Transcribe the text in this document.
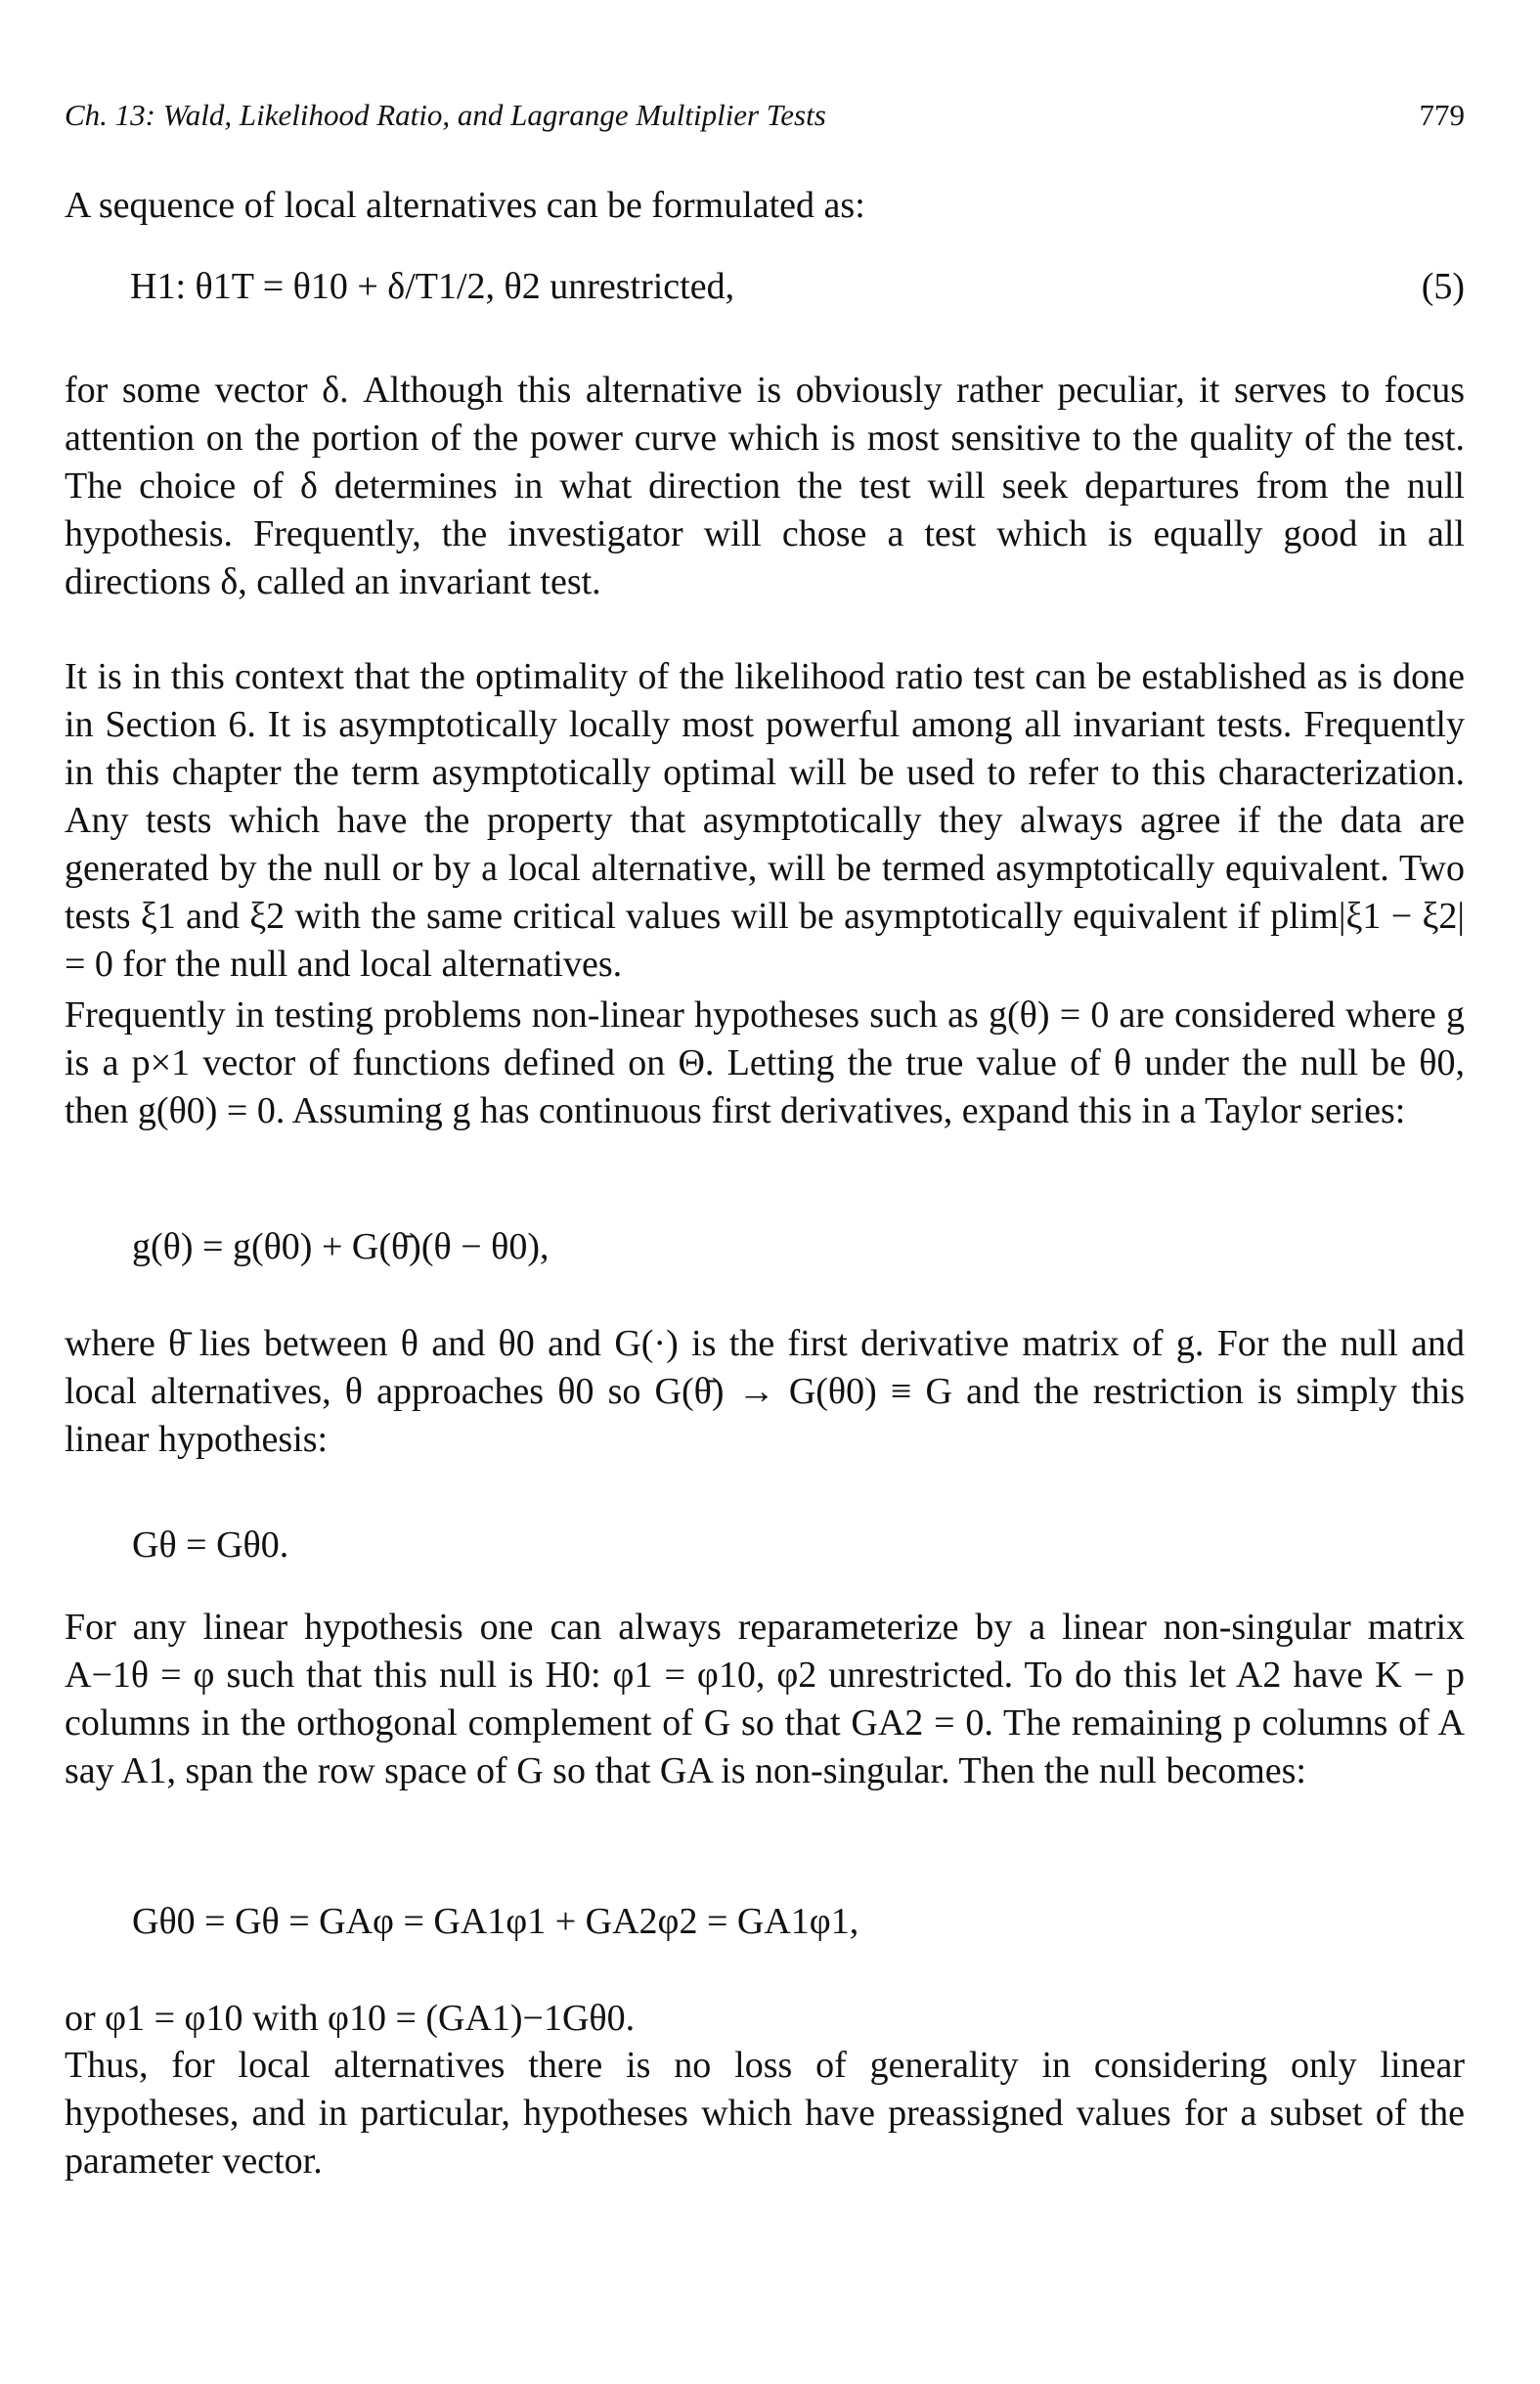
Ch. 13: Wald, Likelihood Ratio, and Lagrange Multiplier Tests	779

A sequence of local alternatives can be formulated as:

H1: θ1T = θ10 + δ/T1/2, θ2 unrestricted,	(5)

for some vector δ. Although this alternative is obviously rather peculiar, it serves to focus attention on the portion of the power curve which is most sensitive to the quality of the test. The choice of δ determines in what direction the test will seek departures from the null hypothesis. Frequently, the investigator will chose a test which is equally good in all directions δ, called an invariant test.

It is in this context that the optimality of the likelihood ratio test can be established as is done in Section 6. It is asymptotically locally most powerful among all invariant tests. Frequently in this chapter the term asymptotically optimal will be used to refer to this characterization. Any tests which have the property that asymptotically they always agree if the data are generated by the null or by a local alternative, will be termed asymptotically equivalent. Two tests ξ1 and ξ2 with the same critical values will be asymptotically equivalent if plim|ξ1 − ξ2| = 0 for the null and local alternatives.

Frequently in testing problems non-linear hypotheses such as g(θ) = 0 are considered where g is a p×1 vector of functions defined on Θ. Letting the true value of θ under the null be θ0, then g(θ0) = 0. Assuming g has continuous first derivatives, expand this in a Taylor series:

g(θ) = g(θ0) + G(θ̄)(θ − θ0),

where θ̄ lies between θ and θ0 and G(·) is the first derivative matrix of g. For the null and local alternatives, θ approaches θ0 so G(θ̄) → G(θ0) ≡ G and the restriction is simply this linear hypothesis:

Gθ = Gθ0.

For any linear hypothesis one can always reparameterize by a linear non-singular matrix A−1θ = φ such that this null is H0: φ1 = φ10, φ2 unrestricted. To do this let A2 have K − p columns in the orthogonal complement of G so that GA2 = 0. The remaining p columns of A say A1, span the row space of G so that GA is non-singular. Then the null becomes:

Gθ0 = Gθ = GAφ = GA1φ1 + GA2φ2 = GA1φ1,

or φ1 = φ10 with φ10 = (GA1)−1Gθ0.

Thus, for local alternatives there is no loss of generality in considering only linear hypotheses, and in particular, hypotheses which have preassigned values for a subset of the parameter vector.
